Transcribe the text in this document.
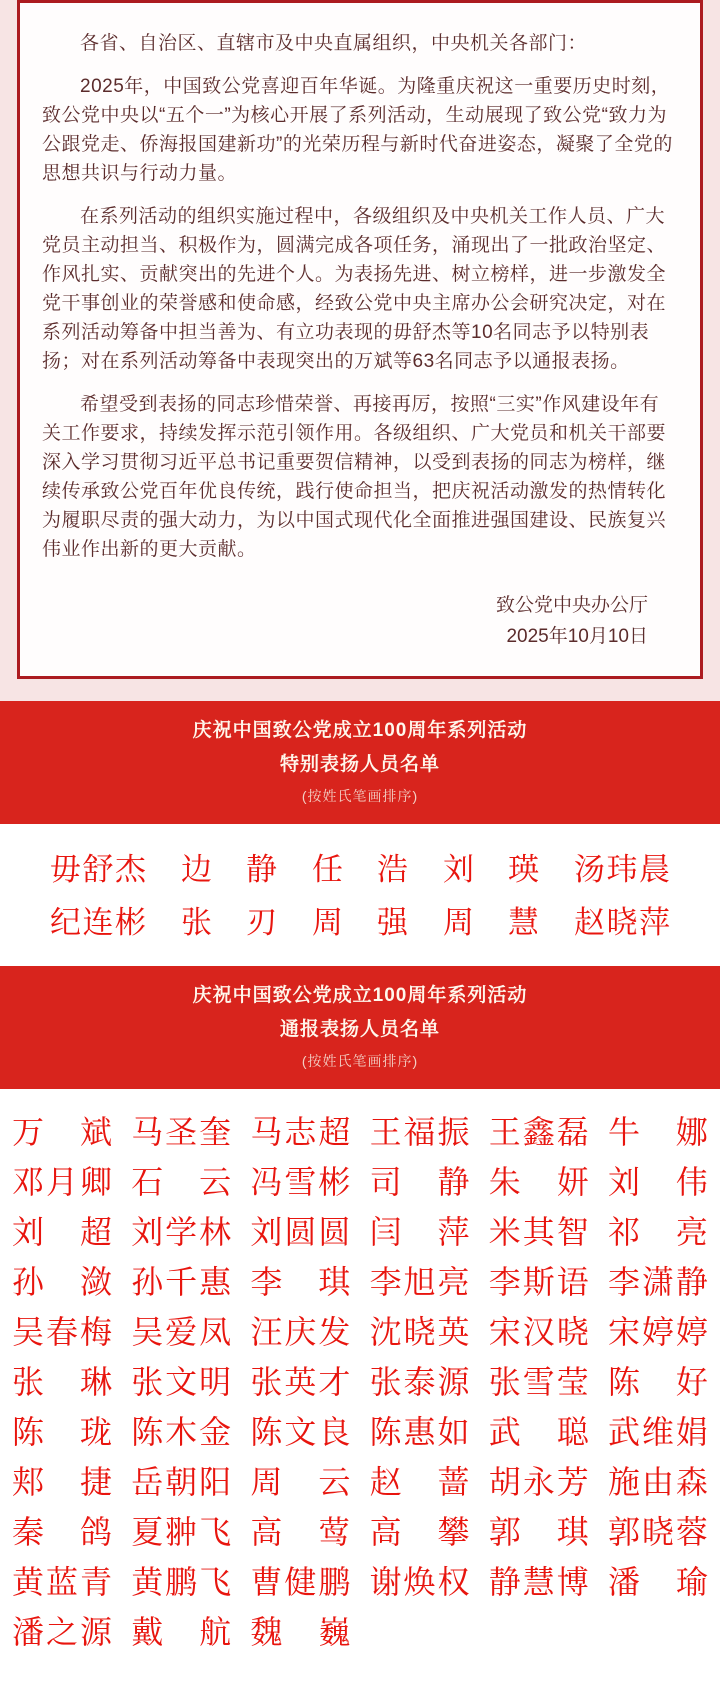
各省、自治区、直辖市及中央直属组织，中央机关各部门：

2025年，中国致公党喜迎百年华诞。为隆重庆祝这一重要历史时刻，致公党中央以“五个一”为核心开展了系列活动，生动展现了致公党“致力为公跟党走、侨海报国建新功”的光荣历程与新时代奋进姿态，凝聚了全党的思想共识与行动力量。

在系列活动的组织实施过程中，各级组织及中央机关工作人员、广大党员主动担当、积极作为，圆满完成各项任务，涌现出了一批政治坚定、作风扎实、贡献突出的先进个人。为表扬先进、树立榜样，进一步激发全党干事创业的荣誉感和使命感，经致公党中央主席办公会研究决定，对在系列活动筹备中担当善为、有立功表现的毋舒杰等10名同志予以特别表扬；对在系列活动筹备中表现突出的万斌等63名同志予以通报表扬。

希望受到表扬的同志珍惜荣誉、再接再厉，按照“三实”作风建设年有关工作要求，持续发挥示范引领作用。各级组织、广大党员和机关干部要深入学习贯彻习近平总书记重要贺信精神，以受到表扬的同志为榜样，继续传承致公党百年优良传统，践行使命担当，把庆祝活动激发的热情转化为履职尽责的强大动力，为以中国式现代化全面推进强国建设、民族复兴伟业作出新的更大贡献。

致公党中央办公厅
2025年10月10日
庆祝中国致公党成立100周年系列活动
特别表扬人员名单
(按姓氏笔画排序)
毋 舒 杰 边 静 任 浩 刘 瑛 汤 玮 晨
纪 连 彬 张 刃 周 强 周 慧 赵 晓 萍
庆祝中国致公党成立100周年系列活动
通报表扬人员名单
(按姓氏笔画排序)
万 斌 马 圣 奎 马 志 超 王 福 振 王 鑫 磊 牛 娜
邓 月 卿 石 云 冯 雪 彬 司 静 朱 妍 刘 伟
刘 超 刘 学 林 刘 圆 圆 闫 萍 米 其 智 祁 亮
孙 潋 孙 千 惠 李 琪 李 旭 亮 李 斯 语 李 潇 静
吴 春 梅 吴 爱 凤 汪 庆 发 沈 晓 英 宋 汉 晓 宋 婷 婷
张 琳 张 文 明 张 英 才 张 泰 源 张 雪 莹 陈 好
陈 珑 陈 木 金 陈 文 良 陈 惠 如 武 聪 武 维 娟
郏 捷 岳 朝 阳 周 云 赵 蔷 胡 永 芳 施 由 森
秦 鸽 夏 翀 飞 高 莺 高 攀 郭 琪 郭 晓 蓉
黄 蓝 青 黄 鹏 飞 曹 健 鹏 谢 焕 权 静 慧 博 潘 瑜
潘 之 源 戴 航 魏 巍
